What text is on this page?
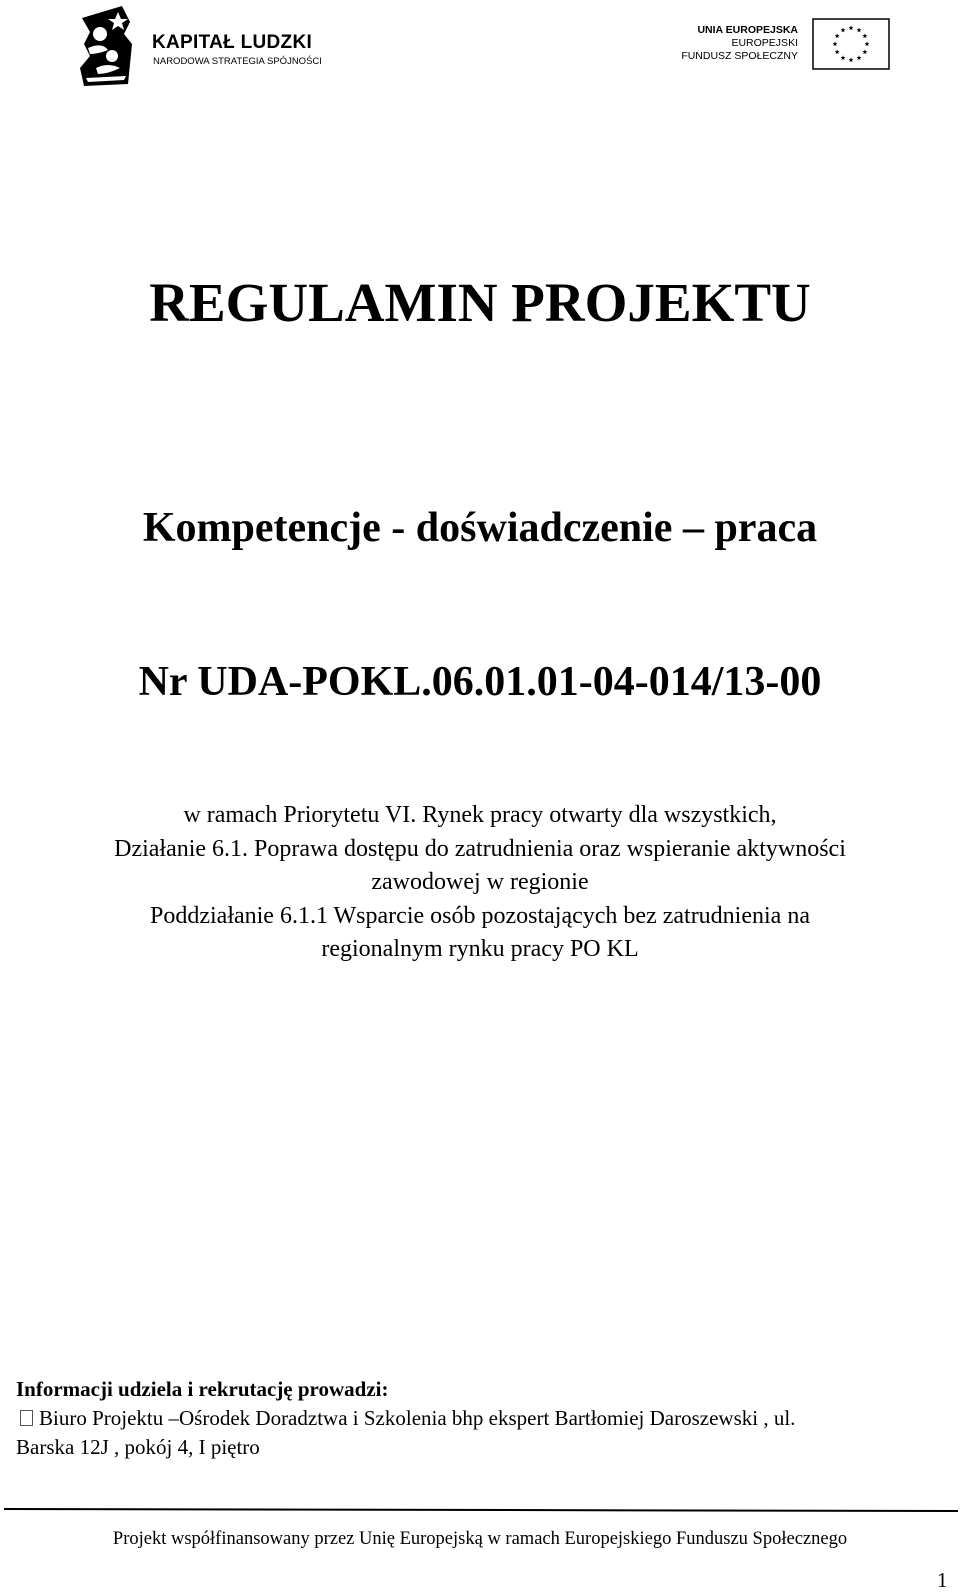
KAPITAŁ LUDZKI
NARODOWA STRATEGIA SPÓJNOŚCI
UNIA EUROPEJSKA
EUROPEJSKI
FUNDUSZ SPOŁECZNY
REGULAMIN PROJEKTU
Kompetencje - doświadczenie – praca
Nr UDA-POKL.06.01.01-04-014/13-00
w ramach Priorytetu VI. Rynek pracy otwarty dla wszystkich,
Działanie 6.1. Poprawa dostępu do zatrudnienia oraz wspieranie aktywności
zawodowej w regionie
Poddziałanie 6.1.1 Wsparcie osób pozostających bez zatrudnienia na
regionalnym rynku pracy PO KL
Informacji udziela i rekrutację prowadzi:
Biuro Projektu –Ośrodek Doradztwa i Szkolenia bhp ekspert Bartłomiej Daroszewski , ul.
Barska 12J , pokój 4, I piętro
Projekt współfinansowany przez Unię Europejską w ramach Europejskiego Funduszu Społecznego
1
